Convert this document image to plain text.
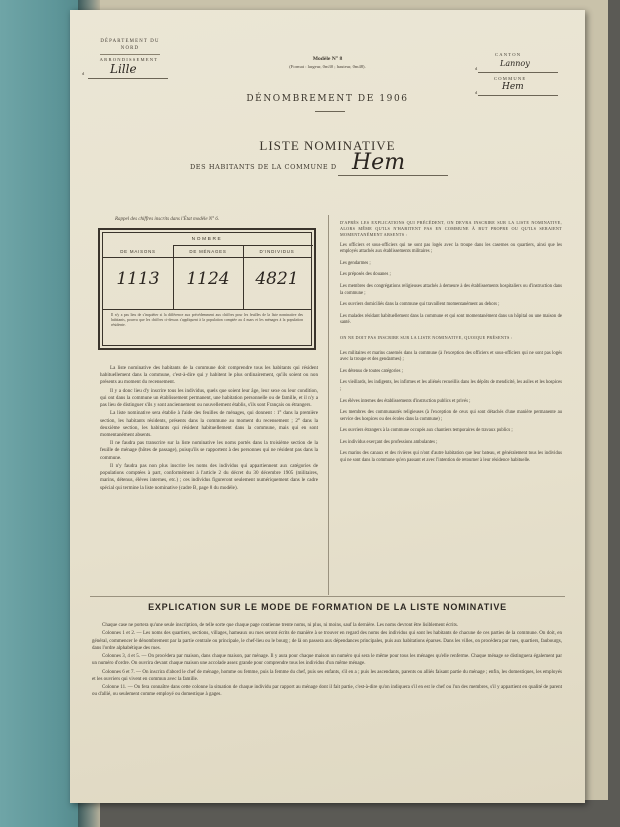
DÉPARTEMENT DU NORD
ARRONDISSEMENT
d Lille
Modèle N° 8
(Format : largeur, 0m30 ; hauteur, 0m48).
CANTON
d
Lannoy
COMMUNE
d
Hem
DÉNOMBREMENT DE 1906
LISTE NOMINATIVE
DES HABITANTS DE LA COMMUNE D Hem
Rappel des chiffres inscrits dans l'État modèle N° 6.
NOMBRE
DE MAISONS	DE MÉNAGES	D'INDIVIDUS
1113	1124	4821
Il n'y a pas lieu de s'inquiéter si la différence aux précédemment aux chiffres pour les feuilles de la liste nominative des habitants, pourvu que les chiffres ci-dessus s'appliquent à la population comptée au 4 mars et les ménages à la population résidente.

La liste nominative des habitants de la commune doit comprendre tous les habitants qui résident habituellement dans la commune, c'est-à-dire qui y habitent le plus ordinairement, qu'ils soient ou non présents au moment du recensement.

Il y a donc lieu d'y inscrire tous les individus, quels que soient leur âge, leur sexe ou leur condition, qui ont dans la commune un établissement permanent, une habitation personnelle ou de famille, et il n'y a pas lieu de distinguer s'ils y sont anciennement ou nouvellement établis, s'ils sont Français ou étrangers.

La liste nominative sera établie à l'aide des feuilles de ménages, qui donnent : 1° dans la première section, les habitants résidents, présents dans la commune au moment du recensement ; 2° dans la deuxième section, les habitants qui résident habituellement dans la commune, mais qui en sont momentanément absents.

Il ne faudra pas transcrire sur la liste nominative les noms portés dans la troisième section de la feuille de ménage (hôtes de passage), puisqu'ils se rapportent à des personnes qui ne résident pas dans la commune.

Il n'y faudra pas non plus inscrire les noms des individus qui appartiennent aux catégories de populations comptées à part, conformément à l'article 2 du décret du 30 décembre 1905 (militaires, marins, détenus, élèves internes, etc.) ; ces individus figureront seulement numériquement dans le cadre spécial qui termine la liste nominative (cadre B, page 8 du modèle).

D'APRÈS LES EXPLICATIONS QUI PRÉCÈDENT, ON DEVRA INSCRIRE SUR LA LISTE NOMINATIVE, ALORS MÊME QU'ILS N'HABITENT PAS EN COMMUNE À BUT PROPRE OU QU'ILS SERAIENT MOMENTANÉMENT ABSENTS :

Les officiers et sous-officiers qui ne sont pas logés avec la troupe dans les casernes ou quartiers, ainsi que les employés attachés aux établissements militaires ;

Les gendarmes ;

Les préposés des douanes ;

Les membres des congrégations religieuses attachés à demeure à des établissements hospitaliers ou d'instruction dans la commune ;

Les ouvriers domiciliés dans la commune qui travaillent momentanément au dehors ;

Les malades résidant habituellement dans la commune et qui sont momentanément dans un hôpital ou une maison de santé.

ON NE DOIT PAS INSCRIRE SUR LA LISTE NOMINATIVE, QUOIQUE PRÉSENTS :

Les militaires et marins casernés dans la commune (à l'exception des officiers et sous-officiers qui ne sont pas logés avec la troupe et des gendarmes) ;

Les détenus de toutes catégories ;

Les vieillards, les indigents, les infirmes et les aliénés recueillis dans les dépôts de mendicité, les asiles et les hospices ;

Les élèves internes des établissements d'instruction publics et privés ;

Les membres des communautés religieuses (à l'exception de ceux qui sont détachés d'une manière permanente au service des hospices ou des écoles dans la commune) ;

Les ouvriers étrangers à la commune occupés aux chantiers temporaires de travaux publics ;

Les individus exerçant des professions ambulantes ;

Les marins des canaux et des rivières qui n'ont d'autre habitation que leur bateau, et généralement tous les individus qui ne sont dans la commune qu'en passant et avec l'intention de retourner à leur résidence habituelle.

EXPLICATION SUR LE MODE DE FORMATION DE LA LISTE NOMINATIVE

Chaque case ne portera qu'une seule inscription, de telle sorte que chaque page contienne trente noms, ni plus, ni moins, sauf la dernière. Les noms devront être lisiblement écrits.

Colonnes 1 et 2. — Les noms des quartiers, sections, villages, hameaux ou rues seront écrits de manière à se trouver en regard des noms des individus qui sont les habitants de chacune de ces parties de la commune. On doit, en général, commencer le dénombrement par la partie centrale ou principale, le chef-lieu ou le bourg ; de là on passera aux dépendances principales, puis aux habitations éparses. Dans les villes, on procédera par rues, quartiers, faubourgs, dans l'ordre alphabétique des rues.

Colonnes 3, 4 et 5. — On procédera par maison, dans chaque maison, par ménage. Il y aura pour chaque maison un numéro qui sera le même pour tous les ménages qu'elle renferme. Chaque ménage se distinguera également par un numéro d'ordre. On ouvrira devant chaque maison une accolade assez grande pour comprendre tous les individus d'un même ménage.

Colonnes 6 et 7. — On inscrira d'abord le chef de ménage, homme ou femme, puis la femme du chef, puis ses enfants, s'il en a ; puis les ascendants, parents ou alliés faisant partie du ménage ; enfin, les domestiques, les employés et les ouvriers qui vivent en commun avec la famille.

Colonne 11. — On fera connaître dans cette colonne la situation de chaque individu par rapport au ménage dont il fait partie, c'est-à-dire qu'on indiquera s'il en est le chef ou l'un des membres, s'il y appartient en qualité de parent ou d'allié, ou seulement comme employé ou domestique à gages.
